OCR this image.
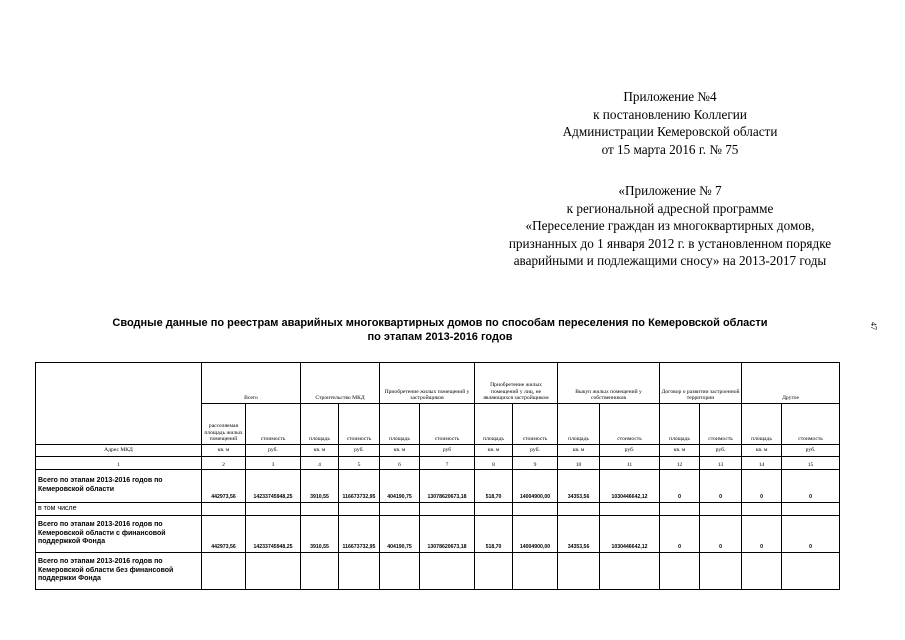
Приложение №4
к постановлению Коллегии
Администрации Кемеровской области
от 15 марта 2016 г. № 75
«Приложение № 7
к региональной адресной программе
«Переселение граждан из многоквартирных домов,
признанных до 1 января 2012 г. в установленном порядке
аварийными и подлежащими сносу» на 2013-2017 годы
47
Сводные данные по реестрам аварийных многоквартирных домов по способам переселения по Кемеровской области
по этапам 2013-2016 годов
	Всего		Строительство МКД		Приобретение жилых помещений у застройщиков		Приобретение жилых помещений у лиц, не являющихся застройщиком		Выкуп жилых помещений у собственников		Договор о развитии застроенной территории		Другое	
	расселяемая площадь жилых помещений	стоимость	площадь	стоимость	площадь	стоимость	площадь	стоимость	площадь	стоимость	площадь	стоимость	площадь	стоимость
Адрес МКД	кв. м	руб.	кв. м	руб.	кв. м	руб	кв. м	руб.	кв. м	руб.	кв. м	руб.	кв. м	руб.
1	2	3	4	5	6	7	8	9	10	11	12	13	14	15
Всего по этапам 2013-2016 годов по Кемеровской области	442973,56	14233745948,25	3910,55	116673732,95	404190,75	13078620673,18	518,70	14004900,00	34353,56	1030446642,12	0	0	0	0
в том числе														
Всего по этапам 2013-2016 годов по Кемеровской области с финансовой поддержкой Фонда	442973,56	14233745948,25	3910,55	116673732,95	404190,75	13078620673,18	518,70	14004900,00	34353,56	1030446642,12	0	0	0	0
Всего по этапам 2013-2016 годов по Кемеровской области без финансовой поддержки Фонда														
